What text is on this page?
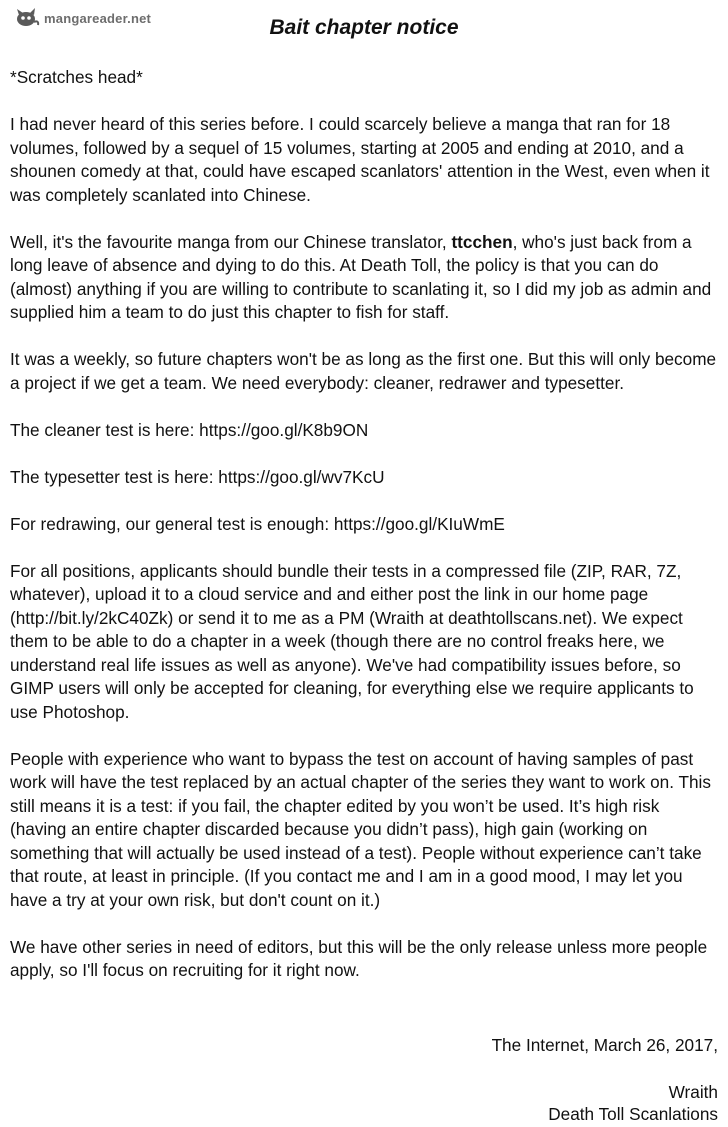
mangareader.net	Bait chapter notice

*Scratches head*

I had never heard of this series before. I could scarcely believe a manga that ran for 18 volumes, followed by a sequel of 15 volumes, starting at 2005 and ending at 2010, and a shounen comedy at that, could have escaped scanlators' attention in the West, even when it was completely scanlated into Chinese.

Well, it's the favourite manga from our Chinese translator, ttcchen, who's just back from a long leave of absence and dying to do this. At Death Toll, the policy is that you can do (almost) anything if you are willing to contribute to scanlating it, so I did my job as admin and supplied him a team to do just this chapter to fish for staff.

It was a weekly, so future chapters won't be as long as the first one. But this will only become a project if we get a team. We need everybody: cleaner, redrawer and typesetter.

The cleaner test is here: https://goo.gl/K8b9ON

The typesetter test is here: https://goo.gl/wv7KcU

For redrawing, our general test is enough: https://goo.gl/KIuWmE

For all positions, applicants should bundle their tests in a compressed file (ZIP, RAR, 7Z, whatever), upload it to a cloud service and and either post the link in our home page (http://bit.ly/2kC40Zk) or send it to me as a PM (Wraith at deathtollscans.net). We expect them to be able to do a chapter in a week (though there are no control freaks here, we understand real life issues as well as anyone). We've had compatibility issues before, so GIMP users will only be accepted for cleaning, for everything else we require applicants to use Photoshop.

People with experience who want to bypass the test on account of having samples of past work will have the test replaced by an actual chapter of the series they want to work on. This still means it is a test: if you fail, the chapter edited by you won’t be used. It’s high risk (having an entire chapter discarded because you didn’t pass), high gain (working on something that will actually be used instead of a test). People without experience can’t take that route, at least in principle. (If you contact me and I am in a good mood, I may let you have a try at your own risk, but don't count on it.)

We have other series in need of editors, but this will be the only release unless more people apply, so I'll focus on recruiting for it right now.

The Internet, March 26, 2017,
Wraith
Death Toll Scanlations
